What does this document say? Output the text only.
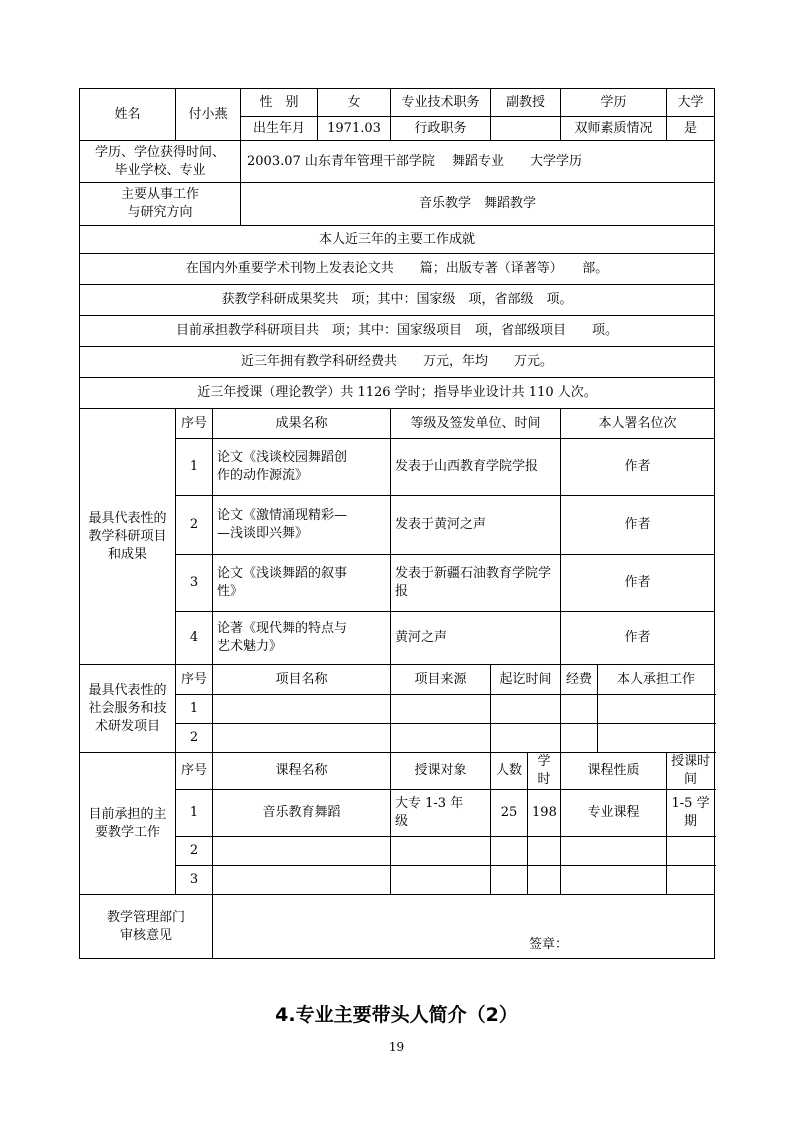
姓名	付小燕		性　别	女	专业技术职务	副教授		学历		大学
			出生年月	1971.03	行政职务			双师素质情况		是

学历、学位获得时间、
毕业学校、专业			2003.07 山东青年管理干部学院　 舞蹈专业　　大学学历							

主要从事工作
与研究方向			音乐教学　舞蹈教学							
本人近三年的主要工作成就										
在国内外重要学术刊物上发表论文共　　篇；出版专著（译著等）　　部。										
获教学科研成果奖共　项；其中：国家级　项，省部级　项。										
目前承担教学科研项目共　项；其中：国家级项目　项，省部级项目　　项。										
近三年拥有教学科研经费共　　万元，年均　　万元。										
近三年授课（理论教学）共 1126 学时；指导毕业设计共 110 人次。										

最具代表性的
教学科研项目
和成果	序号	成果名称			等级及签发单位、时间			本人署名位次		
	1	论文《浅谈校园舞蹈创
作的动作源流》			发表于山西教育学院学报			作者		
	2	论文《激情涌现精彩—
—浅谈即兴舞》			发表于黄河之声			作者		
	3	论文《浅谈舞蹈的叙事
性》			发表于新疆石油教育学院学报			作者		
	4	论著《现代舞的特点与
艺术魅力》			黄河之声			作者		

最具代表性的
社会服务和技
术研发项目	序号	项目名称			项目来源	起讫时间		经费	本人承担工作	
	1									
	2									

目前承担的主
要教学工作	序号	课程名称			授课对象	人数	学时	课程性质		授课时间
	1	音乐教育舞蹈			大专 1-3 年
级	25	198	专业课程		1-5 学期
	2									
	3									

教学管理部门
审核意见		签章：								
4.专业主要带头人简介（2）
19
